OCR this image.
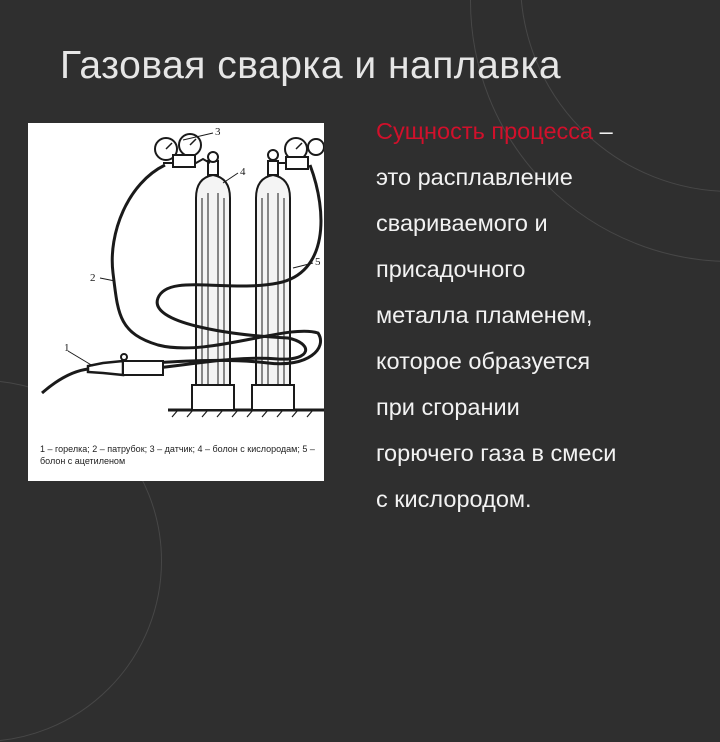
Газовая сварка и наплавка
3
4
2
5
1
1 – горелка; 2 – патрубок; 3 – датчик; 4 – болон с кислородам; 5 – болон с ацетиленом
Сущность процесса –
это расплавление
свариваемого и
присадочного
металла пламенем,
которое образуется
при сгорании
горючего газа в смеси
с кислородом.
